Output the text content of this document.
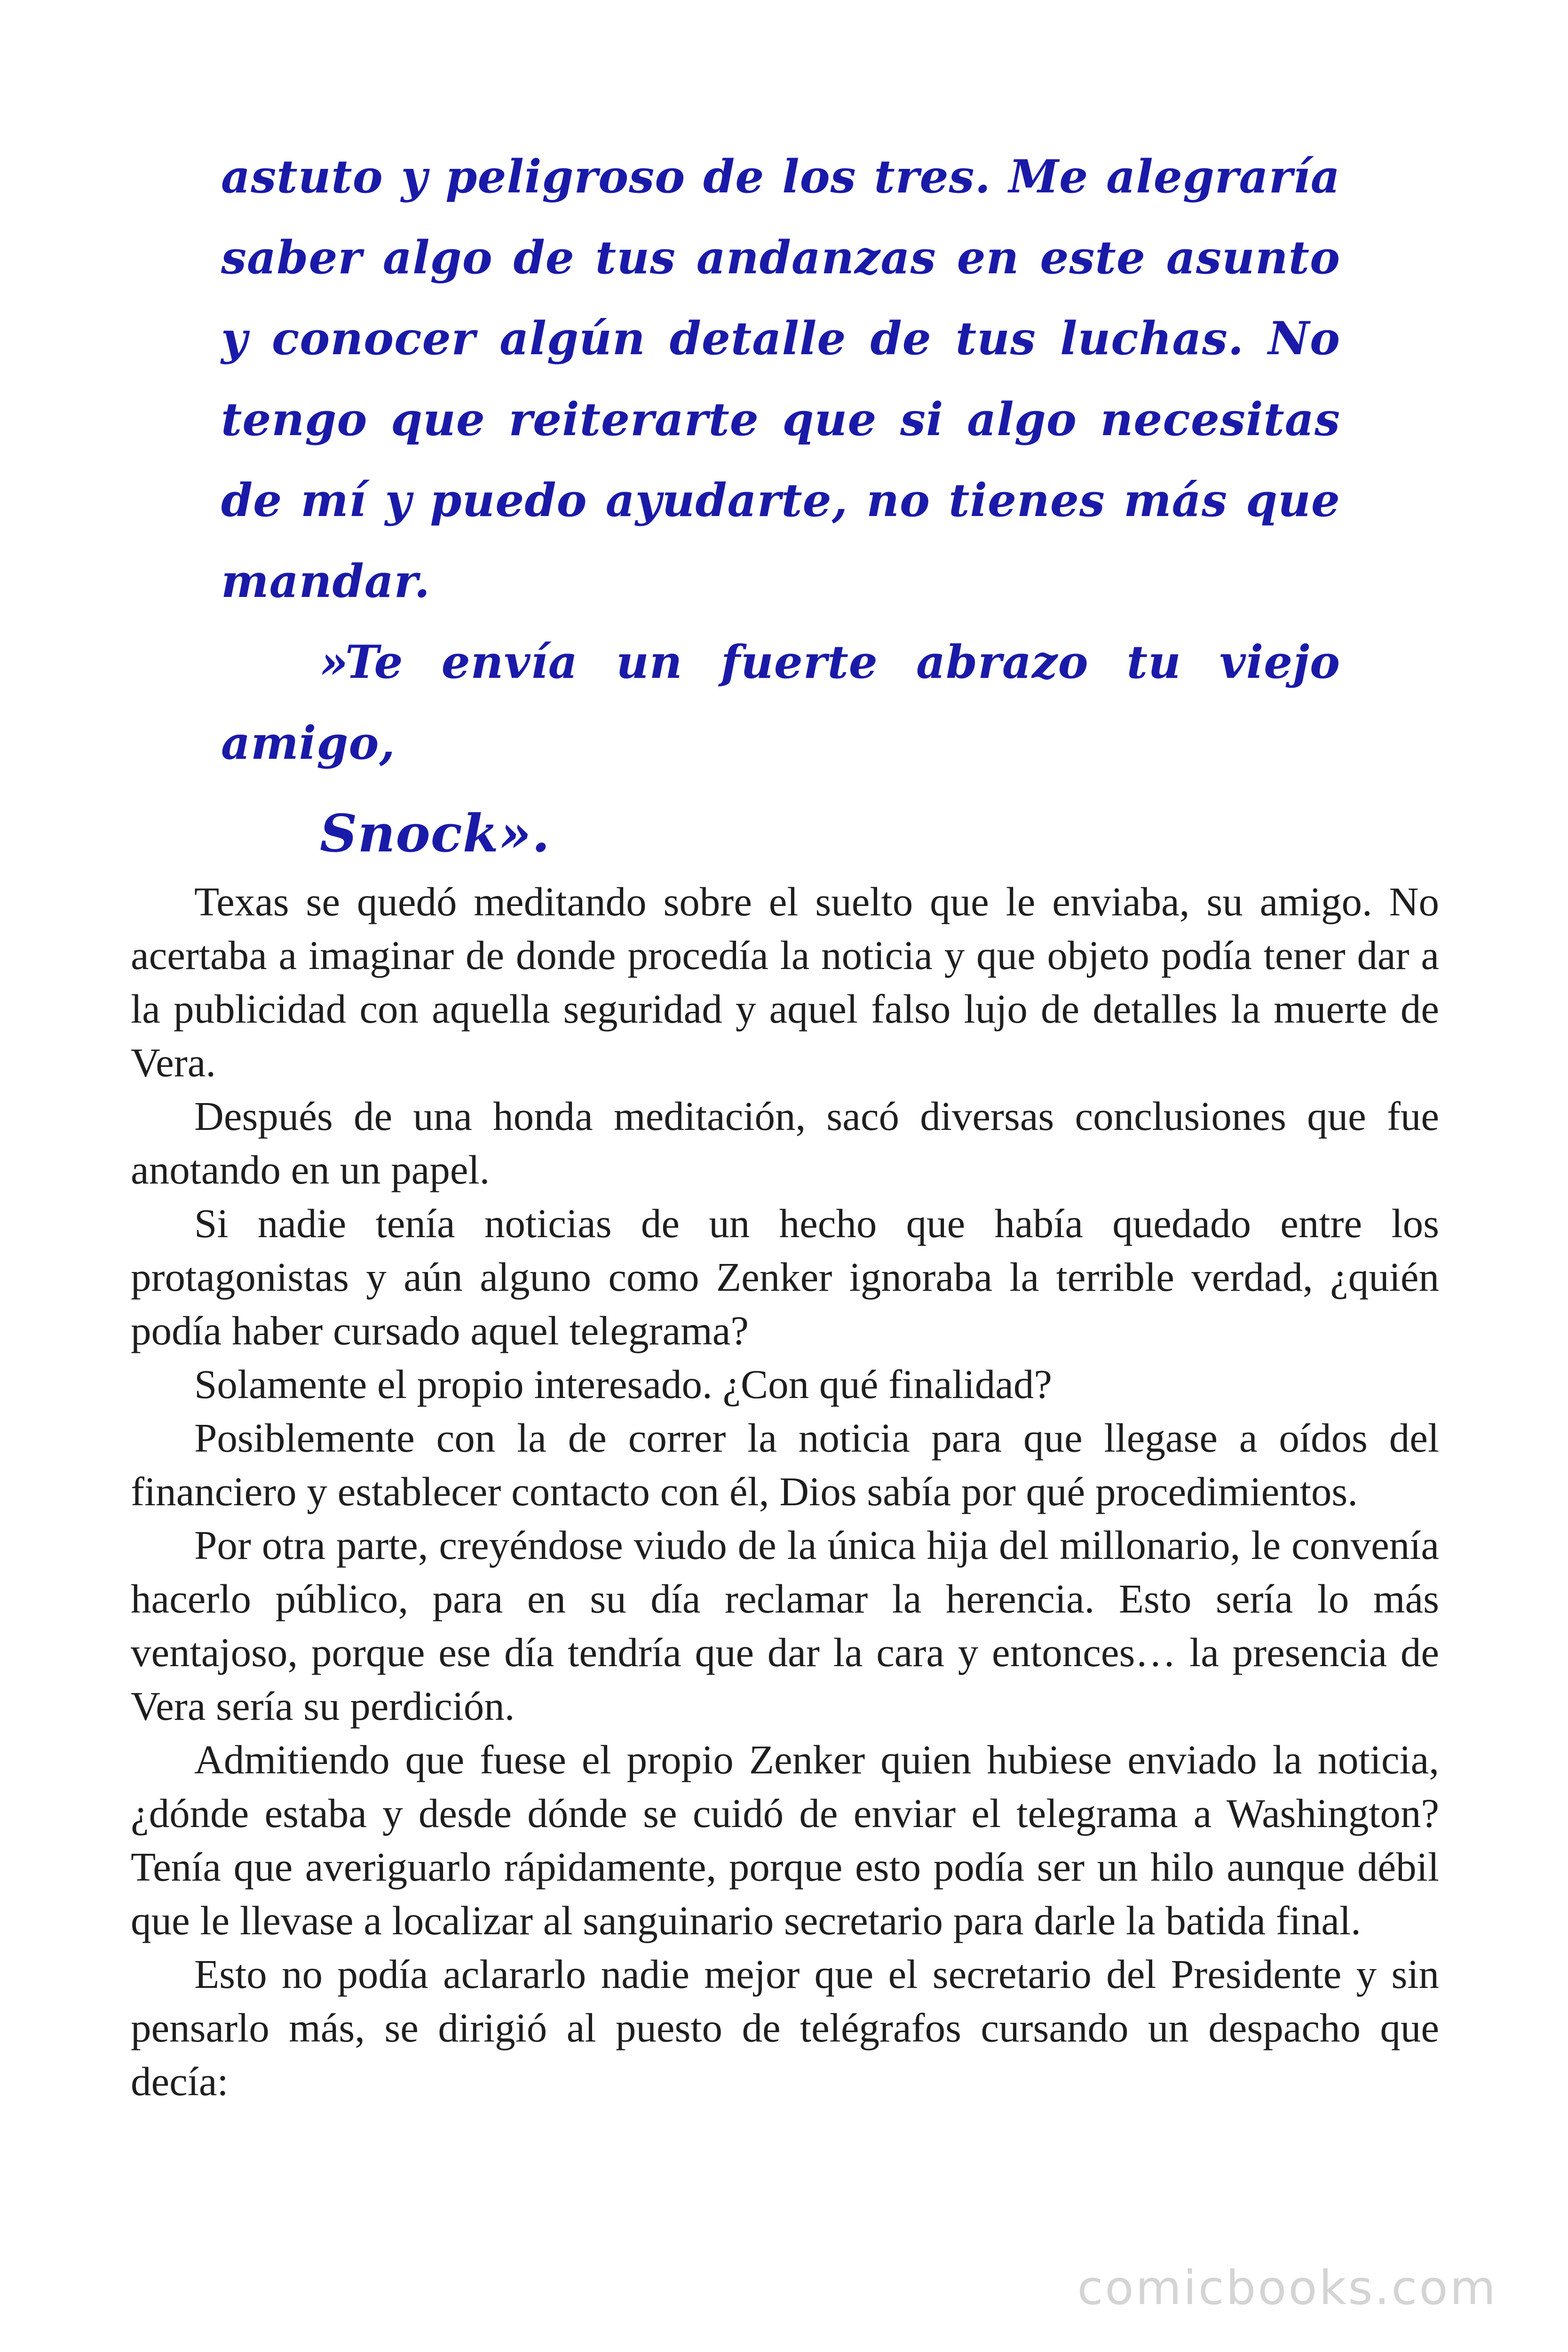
astuto y peligroso de los tres. Me alegraría saber algo de tus andanzas en este asunto y conocer algún detalle de tus luchas. No tengo que reiterarte que si algo necesitas de mí y puedo ayudarte, no tienes más que mandar.

»Te envía un fuerte abrazo tu viejo amigo,

Snock».

Texas se quedó meditando sobre el suelto que le enviaba, su amigo. No acertaba a imaginar de donde procedía la noticia y que objeto podía tener dar a la publicidad con aquella seguridad y aquel falso lujo de detalles la muerte de Vera.

Después de una honda meditación, sacó diversas conclusiones que fue anotando en un papel.

Si nadie tenía noticias de un hecho que había quedado entre los protagonistas y aún alguno como Zenker ignoraba la terrible verdad, ¿quién podía haber cursado aquel telegrama?

Solamente el propio interesado. ¿Con qué finalidad?

Posiblemente con la de correr la noticia para que llegase a oídos del financiero y establecer contacto con él, Dios sabía por qué procedimientos.

Por otra parte, creyéndose viudo de la única hija del millonario, le convenía hacerlo público, para en su día reclamar la herencia. Esto sería lo más ventajoso, porque ese día tendría que dar la cara y entonces… la presencia de Vera sería su perdición.

Admitiendo que fuese el propio Zenker quien hubiese enviado la noticia, ¿dónde estaba y desde dónde se cuidó de enviar el telegrama a Washington? Tenía que averiguarlo rápidamente, porque esto podía ser un hilo aunque débil que le llevase a localizar al sanguinario secretario para darle la batida final.

Esto no podía aclararlo nadie mejor que el secretario del Presidente y sin pensarlo más, se dirigió al puesto de telégrafos cursando un despacho que decía:

comicbooks.com
